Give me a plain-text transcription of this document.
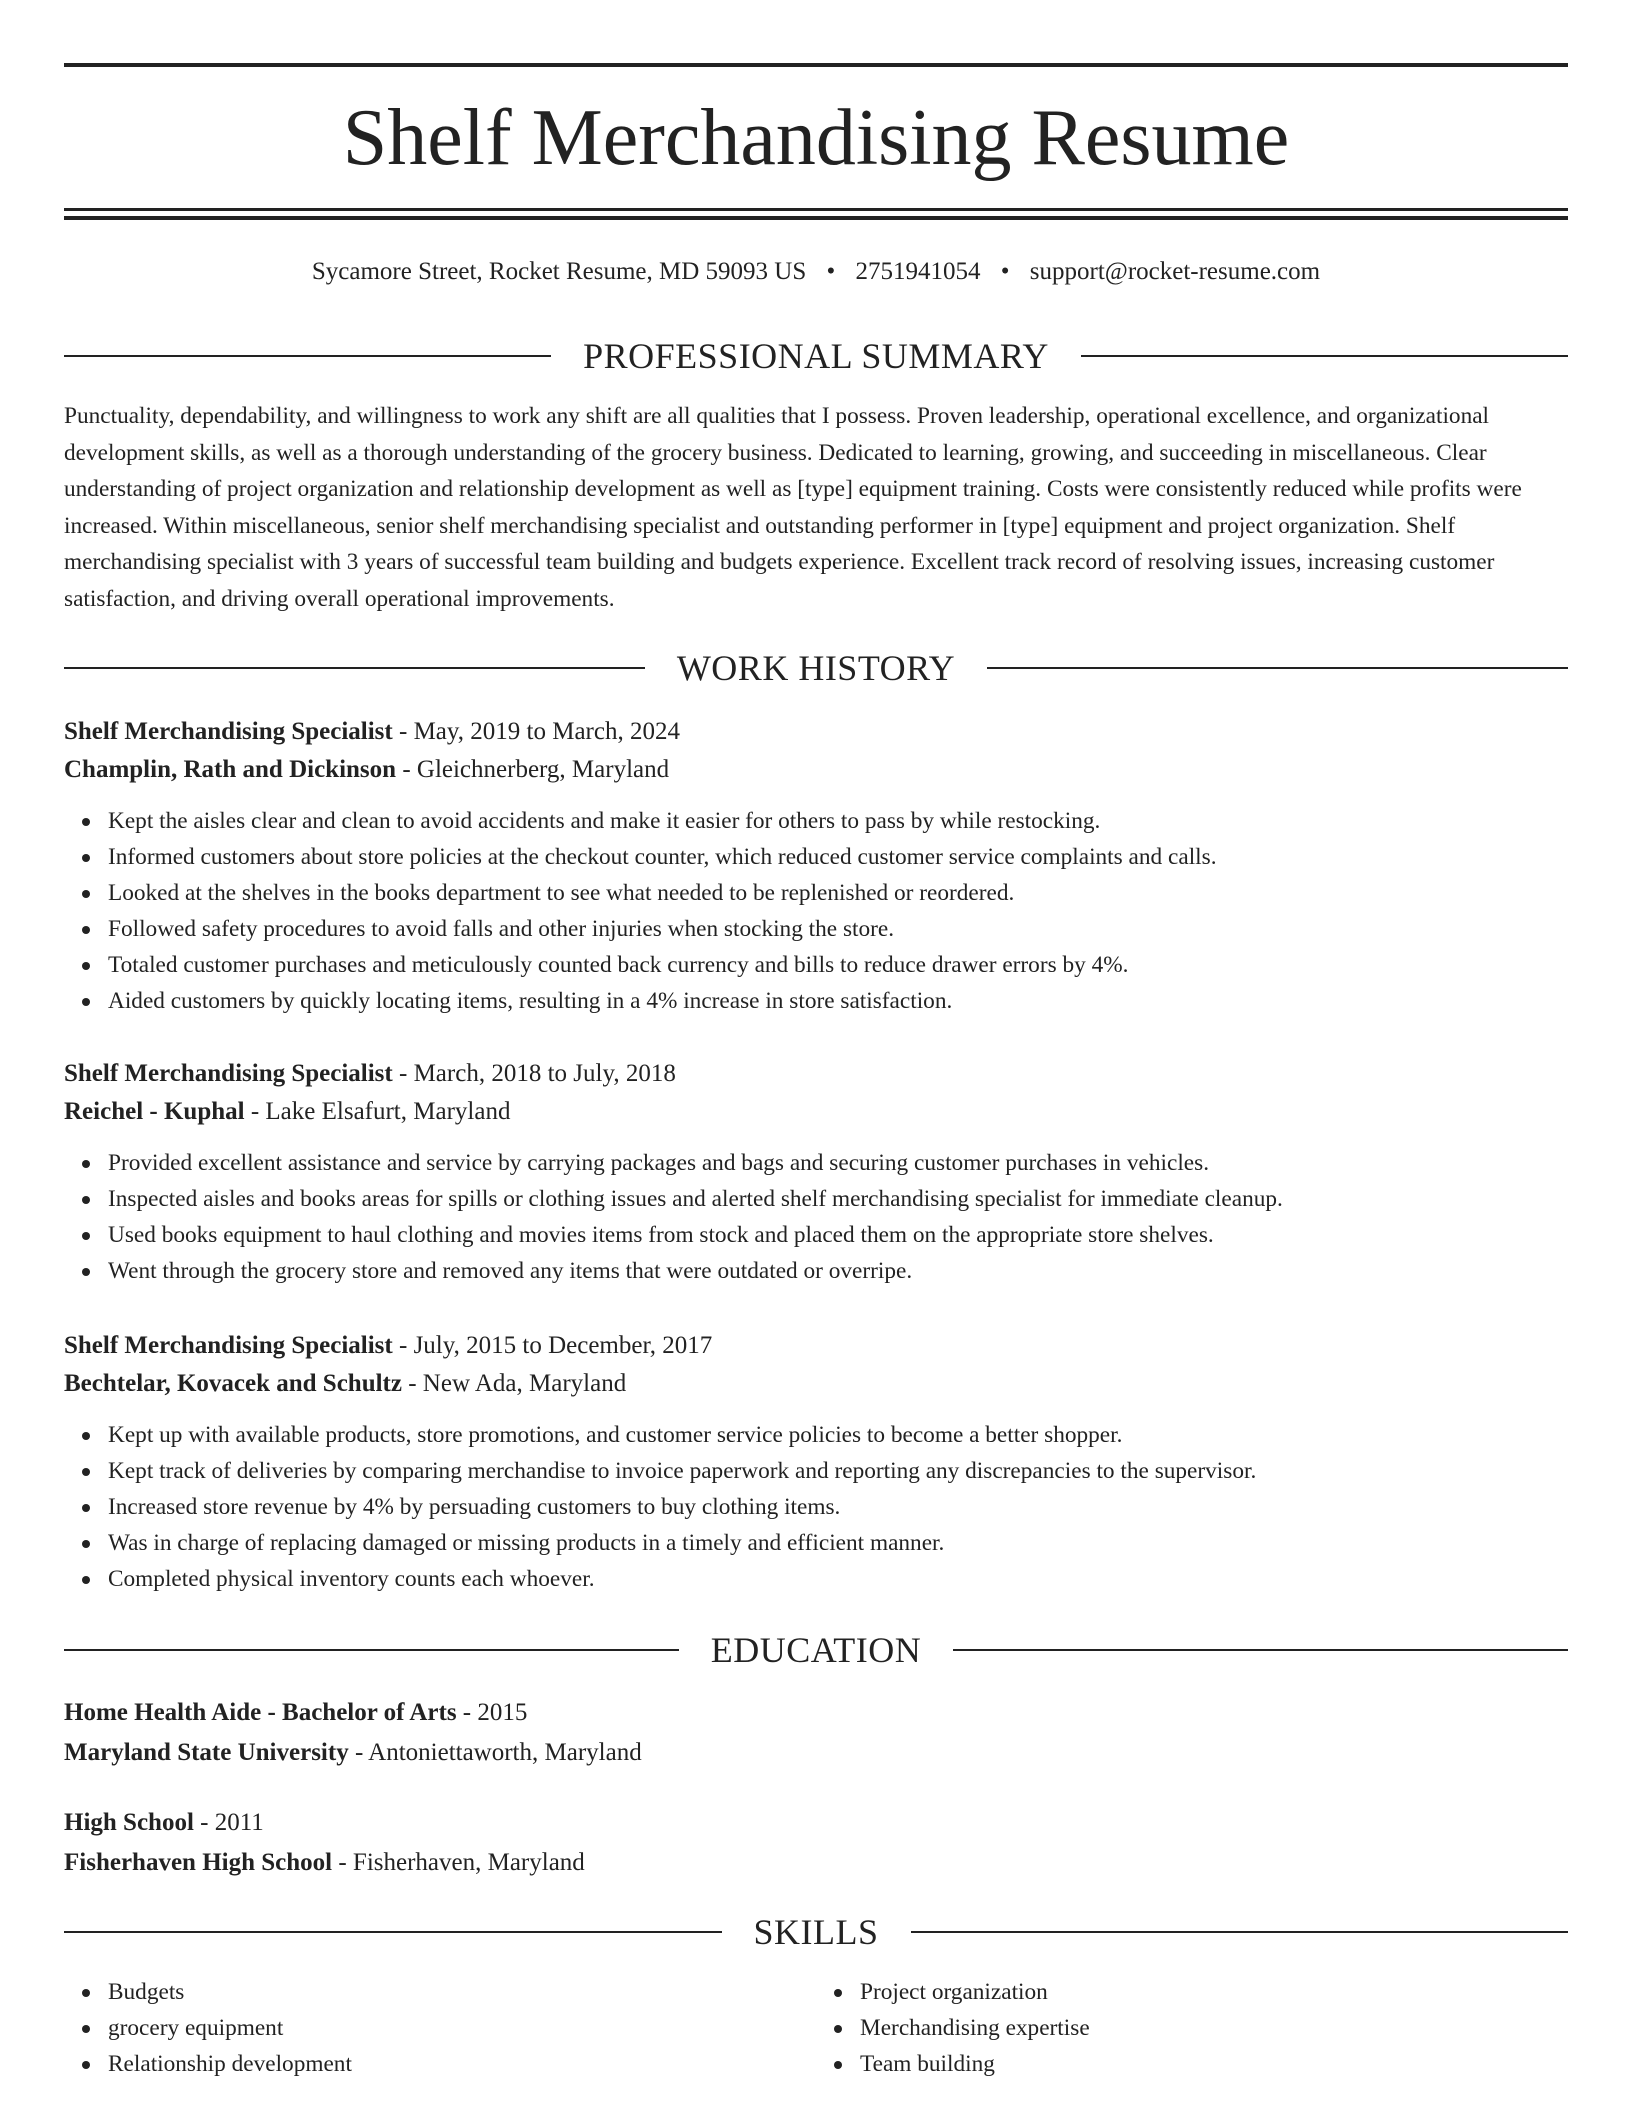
Shelf Merchandising Resume
Sycamore Street, Rocket Resume, MD 59093 US • 2751941054 • support@rocket-resume.com
PROFESSIONAL SUMMARY

Punctuality, dependability, and willingness to work any shift are all qualities that I possess. Proven leadership, operational excellence, and organizational development skills, as well as a thorough understanding of the grocery business. Dedicated to learning, growing, and succeeding in miscellaneous. Clear understanding of project organization and relationship development as well as [type] equipment training. Costs were consistently reduced while profits were increased. Within miscellaneous, senior shelf merchandising specialist and outstanding performer in [type] equipment and project organization. Shelf merchandising specialist with 3 years of successful team building and budgets experience. Excellent track record of resolving issues, increasing customer satisfaction, and driving overall operational improvements.

WORK HISTORY

Shelf Merchandising Specialist - May, 2019 to March, 2024

Champlin, Rath and Dickinson - Gleichnerberg, Maryland

Kept the aisles clear and clean to avoid accidents and make it easier for others to pass by while restocking.
Informed customers about store policies at the checkout counter, which reduced customer service complaints and calls.
Looked at the shelves in the books department to see what needed to be replenished or reordered.
Followed safety procedures to avoid falls and other injuries when stocking the store.
Totaled customer purchases and meticulously counted back currency and bills to reduce drawer errors by 4%.
Aided customers by quickly locating items, resulting in a 4% increase in store satisfaction.

Shelf Merchandising Specialist - March, 2018 to July, 2018

Reichel - Kuphal - Lake Elsafurt, Maryland

Provided excellent assistance and service by carrying packages and bags and securing customer purchases in vehicles.
Inspected aisles and books areas for spills or clothing issues and alerted shelf merchandising specialist for immediate cleanup.
Used books equipment to haul clothing and movies items from stock and placed them on the appropriate store shelves.
Went through the grocery store and removed any items that were outdated or overripe.

Shelf Merchandising Specialist - July, 2015 to December, 2017

Bechtelar, Kovacek and Schultz - New Ada, Maryland

Kept up with available products, store promotions, and customer service policies to become a better shopper.
Kept track of deliveries by comparing merchandise to invoice paperwork and reporting any discrepancies to the supervisor.
Increased store revenue by 4% by persuading customers to buy clothing items.
Was in charge of replacing damaged or missing products in a timely and efficient manner.
Completed physical inventory counts each whoever.
EDUCATION

Home Health Aide - Bachelor of Arts - 2015

Maryland State University - Antoniettaworth, Maryland

High School - 2011

Fisherhaven High School - Fisherhaven, Maryland

SKILLS
Budgets
grocery equipment
Relationship development
Project organization
Merchandising expertise
Team building
